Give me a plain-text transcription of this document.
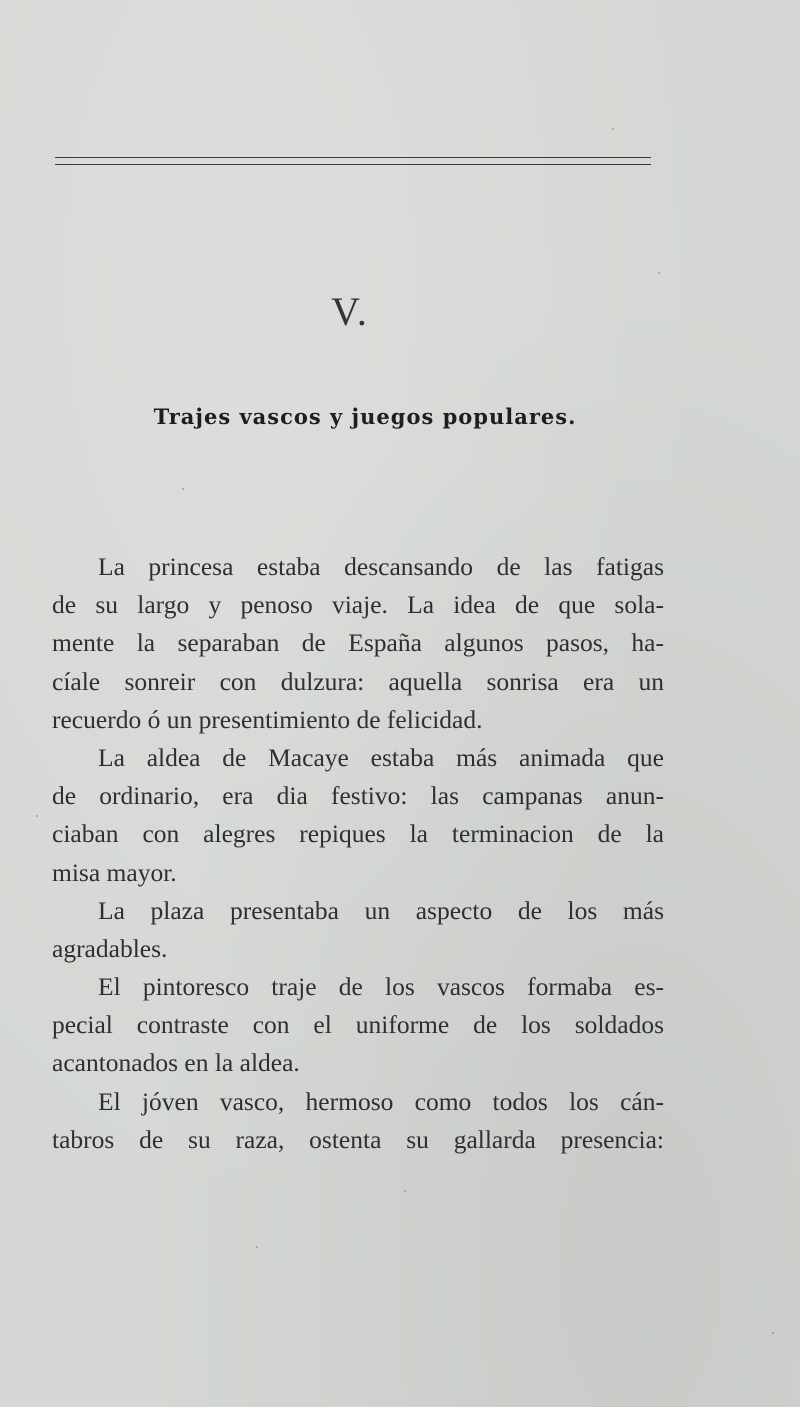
V.
Trajes vascos y juegos populares.
La princesa estaba descansando de las fatigas
de su largo y penoso viaje. La idea de que sola-
mente la separaban de España algunos pasos, ha-
cíale sonreir con dulzura: aquella sonrisa era un
recuerdo ó un presentimiento de felicidad.
La aldea de Macaye estaba más animada que
de ordinario, era dia festivo: las campanas anun-
ciaban con alegres repiques la terminacion de la
misa mayor.
La plaza presentaba un aspecto de los más
agradables.
El pintoresco traje de los vascos formaba es-
pecial contraste con el uniforme de los soldados
acantonados en la aldea.
El jóven vasco, hermoso como todos los cán-
tabros de su raza, ostenta su gallarda presencia:
